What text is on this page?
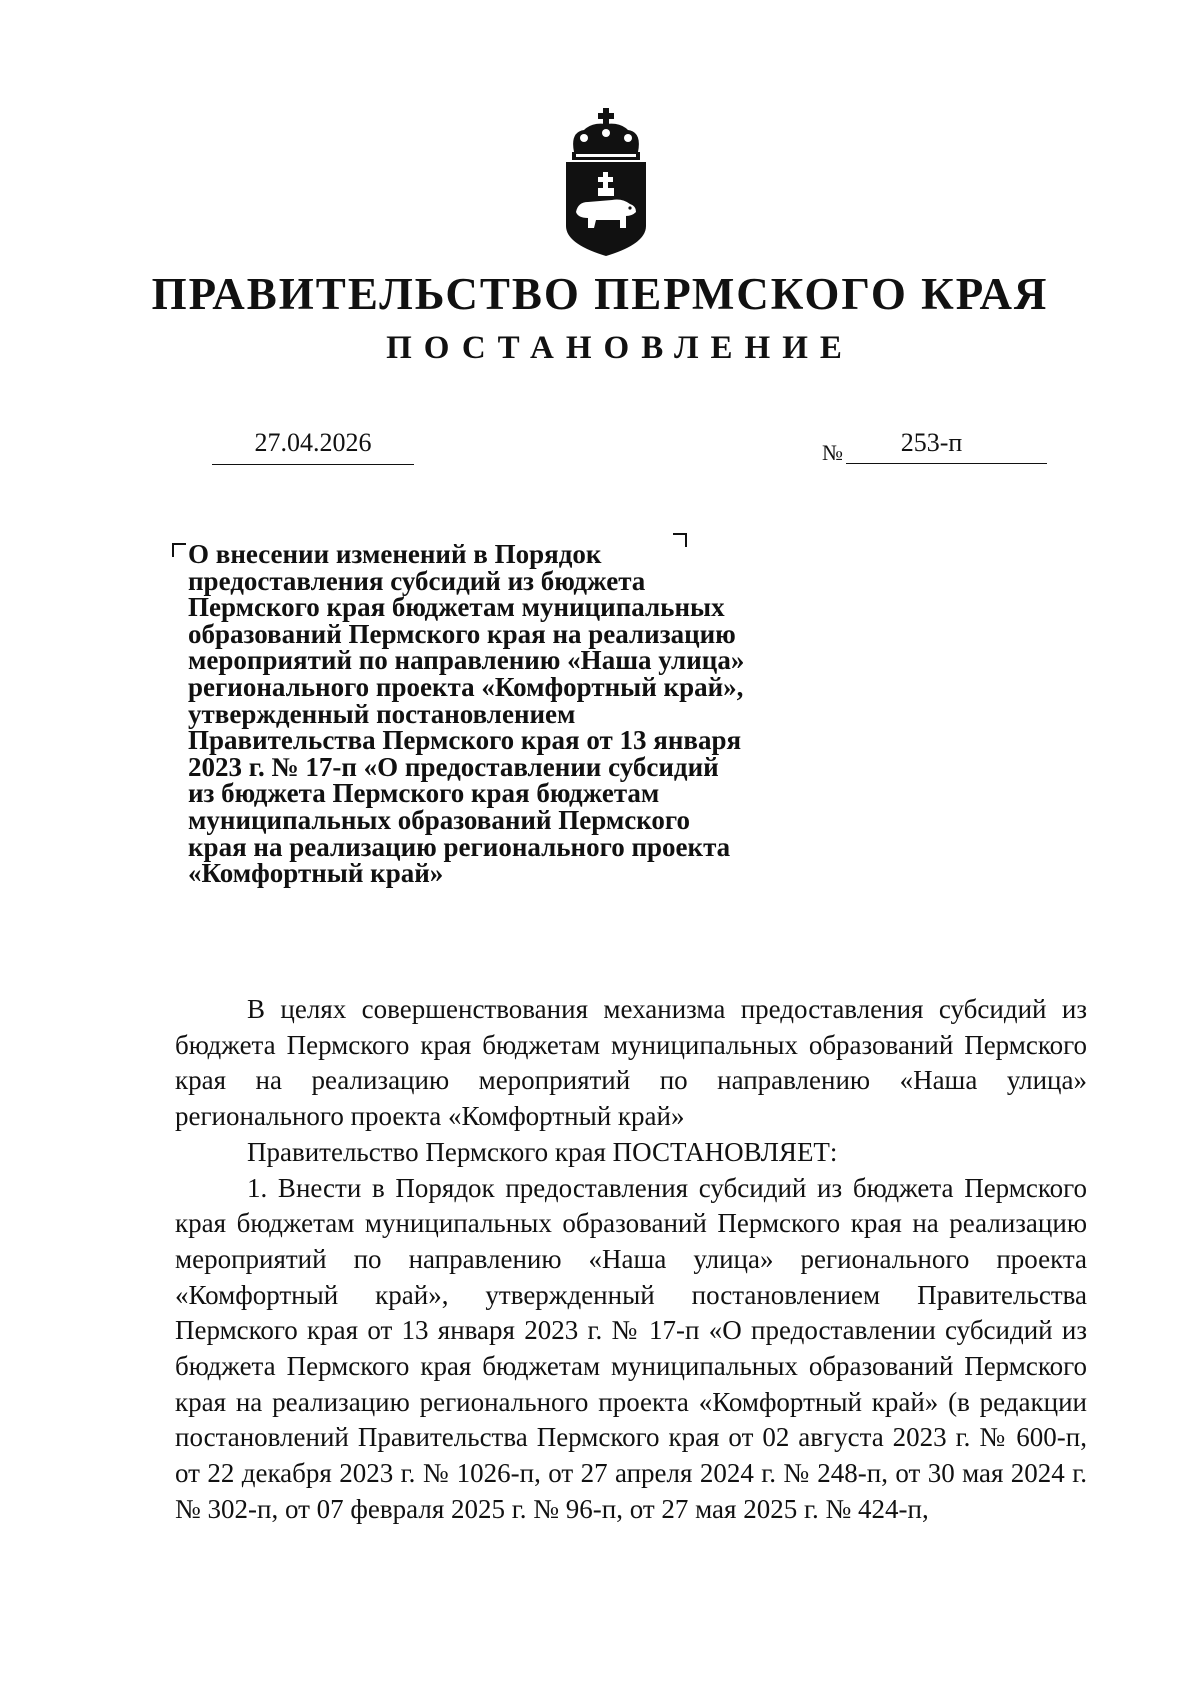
ПРАВИТЕЛЬСТВО ПЕРМСКОГО КРАЯ
ПОСТАНОВЛЕНИЕ
27.04.2026	№	253-п
О внесении изменений в Порядок
предоставления субсидий из бюджета
Пермского края бюджетам муниципальных
образований Пермского края на реализацию
мероприятий по направлению «Наша улица»
регионального проекта «Комфортный край»,
утвержденный постановлением
Правительства Пермского края от 13 января
2023 г. № 17-п «О предоставлении субсидий
из бюджета Пермского края бюджетам
муниципальных образований Пермского
края на реализацию регионального проекта
«Комфортный край»

В целях совершенствования механизма предоставления субсидий из бюджета Пермского края бюджетам муниципальных образований Пермского края на реализацию мероприятий по направлению «Наша улица» регионального проекта «Комфортный край»

Правительство Пермского края ПОСТАНОВЛЯЕТ:

1. Внести в Порядок предоставления субсидий из бюджета Пермского края бюджетам муниципальных образований Пермского края на реализацию мероприятий по направлению «Наша улица» регионального проекта «Комфортный край», утвержденный постановлением Правительства Пермского края от 13 января 2023 г. № 17-п «О предоставлении субсидий из бюджета Пермского края бюджетам муниципальных образований Пермского края на реализацию регионального проекта «Комфортный край» (в редакции постановлений Правительства Пермского края от 02 августа 2023 г. № 600-п, от 22 декабря 2023 г. № 1026-п, от 27 апреля 2024 г. № 248-п, от 30 мая 2024 г. № 302-п, от 07 февраля 2025 г. № 96-п, от 27 мая 2025 г. № 424-п,
